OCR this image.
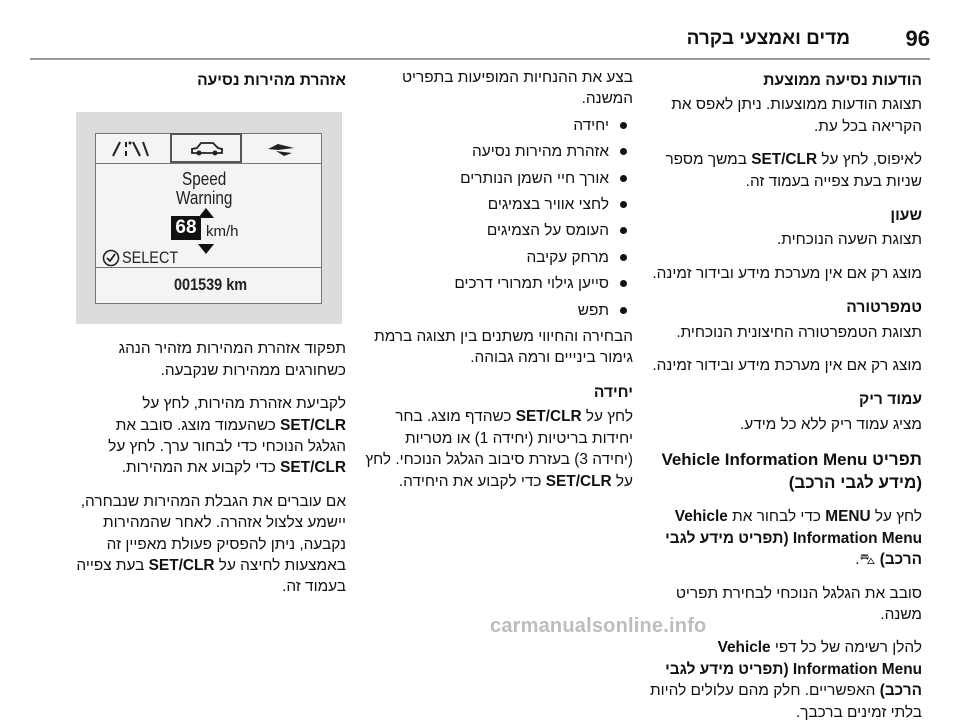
96
מדים ואמצעי בקרה
הודעות נסיעה ממוצעת
תצוגת הודעות ממוצעות. ניתן לאפס את הקריאה בכל עת.
לאיפוס, לחץ על SET/CLR במשך מספר שניות בעת צפייה בעמוד זה.
שעון
תצוגת השעה הנוכחית.
מוצג רק אם אין מערכת מידע ובידור זמינה.
טמפרטורה
תצוגת הטמפרטורה החיצונית הנוכחית.
מוצג רק אם אין מערכת מידע ובידור זמינה.
עמוד ריק
מציג עמוד ריק ללא כל מידע.
תפריט Vehicle Information Menu (מידע לגבי הרכב)
לחץ על MENU כדי לבחור את Vehicle Information Menu (תפריט מידע לגבי הרכב) ⛍.
סובב את הגלגל הנוכחי לבחירת תפריט משנה.
להלן רשימה של כל דפי Vehicle Information Menu (תפריט מידע לגבי הרכב) האפשריים. חלק מהם עלולים להיות בלתי זמינים ברכבך.
בצע את ההנחיות המופיעות בתפריט המשנה.
יחידה
אזהרת מהירות נסיעה
אורך חיי השמן הנותרים
לחצי אוויר בצמיגים
העומס על הצמיגים
מרחק עקיבה
סייען גילוי תמרורי דרכים
תפש
הבחירה והחיווי משתנים בין תצוגה ברמת גימור בינייים ורמה גבוהה.
יחידה
לחץ על SET/CLR כשהדף מוצג. בחר יחידות בריטיות (יחידה 1) או מטריות (יחידה 3) בעזרת סיבוב הגלגל הנוכחי. לחץ על SET/CLR כדי לקבוע את היחידה.
אזהרת מהירות נסיעה
Speed
Warning
68 km/h
SELECT
001539 km
תפקוד אזהרת המהירות מזהיר הנהג כשחורגים ממהירות שנקבעה.
לקביעת אזהרת מהירות, לחץ על SET/CLR כשהעמוד מוצג. סובב את הגלגל הנוכחי כדי לבחור ערך. לחץ על SET/CLR כדי לקבוע את המהירות.
אם עוברים את הגבלת המהירות שנבחרה, יישמע צלצול אזהרה. לאחר שהמהירות נקבעה, ניתן להפסיק פעולת מאפיין זה באמצעות לחיצה על SET/CLR בעת צפייה בעמוד זה.
carmanualsonline.info
